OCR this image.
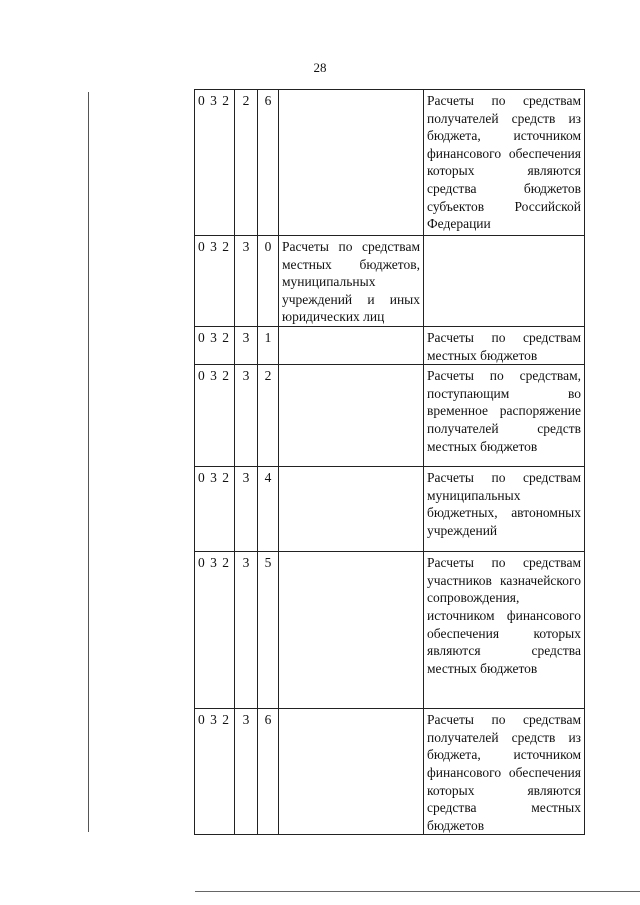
28
0 3 2	2	6		Расчеты по средствам получателей средств из бюджета, источником финансового обеспечения которых являются средства бюджетов субъектов Российской Федерации
0 3 2	3	0	Расчеты по средствам местных бюджетов, муниципальных учреждений и иных юридических лиц	
0 3 2	3	1		Расчеты по средствам местных бюджетов
0 3 2	3	2		Расчеты по средствам, поступающим во временное распоряжение получателей средств местных бюджетов
0 3 2	3	4		Расчеты по средствам муниципальных бюджетных, автономных учреждений
0 3 2	3	5		Расчеты по средствам участников казначейского сопровождения, источником финансового обеспечения которых являются средства местных бюджетов
0 3 2	3	6		Расчеты по средствам получателей средств из бюджета, источником финансового обеспечения которых являются средства местных бюджетов
